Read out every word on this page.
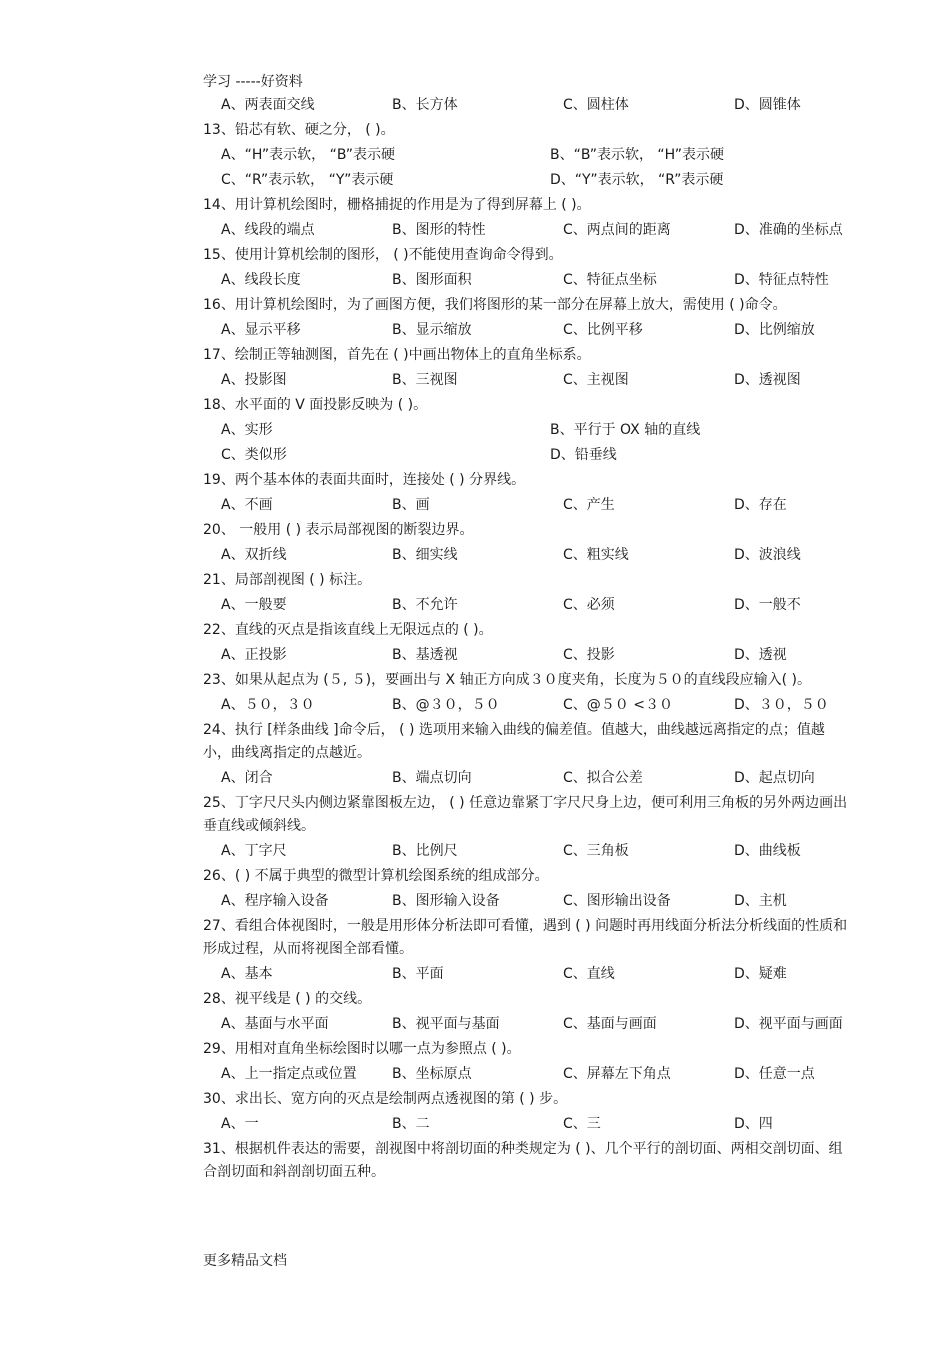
学习 -----好资料
A、两表面交线	B、长方体	C、圆柱体	D、圆锥体
13、铅芯有软、硬之分， ( )。
A、“H”表示软， “B”表示硬	B、“B”表示软， “H”表示硬
C、“R”表示软， “Y”表示硬	D、“Y”表示软， “R”表示硬
14、用计算机绘图时，栅格捕捉的作用是为了得到屏幕上 ( )。
A、线段的端点	B、图形的特性	C、两点间的距离	D、准确的坐标点
15、使用计算机绘制的图形， ( )不能使用查询命令得到。
A、线段长度	B、图形面积	C、特征点坐标	D、特征点特性
16、用计算机绘图时，为了画图方便，我们将图形的某一部分在屏幕上放大，需使用 ( )命令。
A、显示平移	B、显示缩放	C、比例平移	D、比例缩放
17、绘制正等轴测图，首先在 ( )中画出物体上的直角坐标系。
A、投影图	B、三视图	C、主视图	D、透视图
18、水平面的 V 面投影反映为 ( )。
A、实形	B、平行于 OX 轴的直线
C、类似形	D、铅垂线
19、两个基本体的表面共面时，连接处 ( ) 分界线。
A、不画	B、画	C、产生	D、存在
20、 一般用 ( ) 表示局部视图的断裂边界。
A、双折线	B、细实线	C、粗实线	D、波浪线
21、局部剖视图 ( ) 标注。
A、一般要	B、不允许	C、必须	D、一般不
22、直线的灭点是指该直线上无限远点的 ( )。
A、正投影	B、基透视	C、投影	D、透视
23、如果从起点为 (５, ５)，要画出与 X 轴正方向成３０度夹角，长度为５０的直线段应输入( )。
A、５０，３０	B、@３０，５０	C、@５０ <３０	D、３０，５０
24、执行 [样条曲线 ]命令后， ( ) 选项用来输入曲线的偏差值。值越大，曲线越远离指定的点；值越小，曲线离指定的点越近。
A、闭合	B、端点切向	C、拟合公差	D、起点切向
25、丁字尺尺头内侧边紧靠图板左边， ( ) 任意边靠紧丁字尺尺身上边，便可利用三角板的另外两边画出垂直线或倾斜线。
A、丁字尺	B、比例尺	C、三角板	D、曲线板
26、( ) 不属于典型的微型计算机绘图系统的组成部分。
A、程序输入设备	B、图形输入设备	C、图形输出设备	D、主机
27、看组合体视图时，一般是用形体分析法即可看懂，遇到 ( ) 问题时再用线面分析法分析线面的性质和形成过程，从而将视图全部看懂。
A、基本	B、平面	C、直线	D、疑难
28、视平线是 ( ) 的交线。
A、基面与水平面	B、视平面与基面	C、基面与画面	D、视平面与画面
29、用相对直角坐标绘图时以哪一点为参照点 ( )。
A、上一指定点或位置	B、坐标原点	C、屏幕左下角点	D、任意一点
30、求出长、宽方向的灭点是绘制两点透视图的第 ( ) 步。
A、一	B、二	C、三	D、四
31、根据机件表达的需要，剖视图中将剖切面的种类规定为 ( )、几个平行的剖切面、两相交剖切面、组合剖切面和斜剖剖切面五种。
更多精品文档
